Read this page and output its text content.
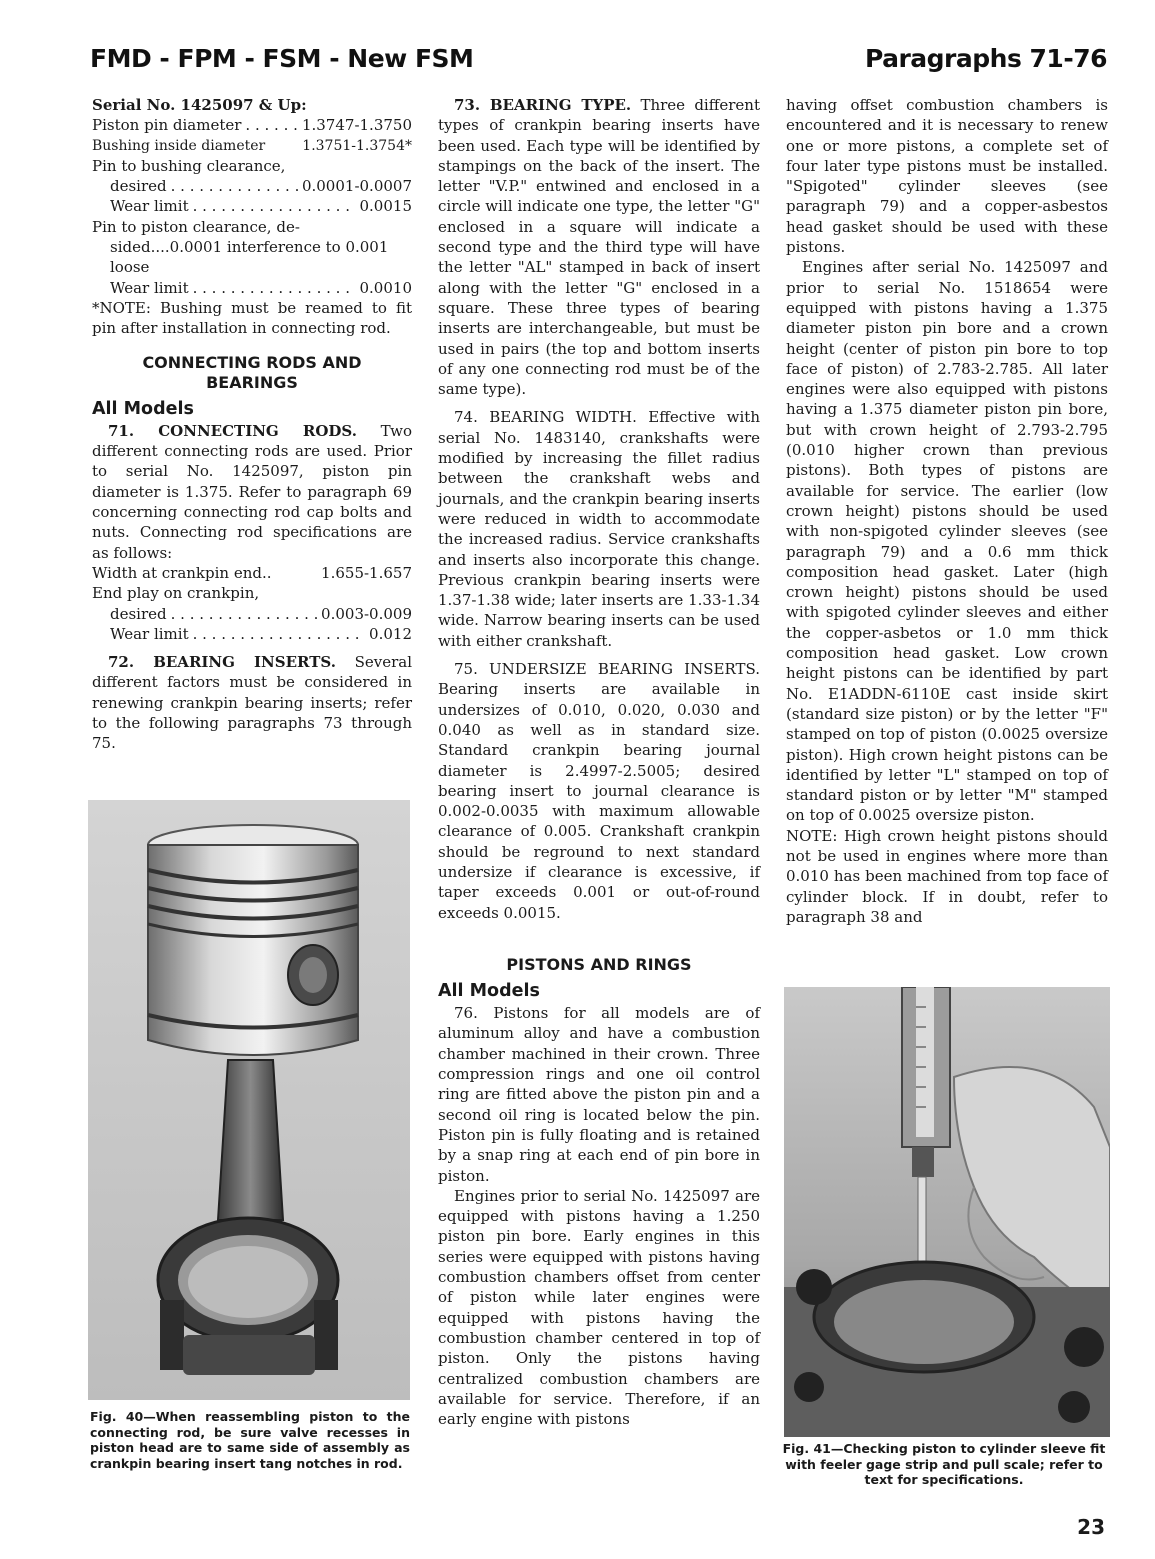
FMD - FPM - FSM - New FSM	Paragraphs 71-76

Serial No. 1425097 & Up:

Piston pin diameter . . .	1.3747-1.3750
Bushing inside diameter	1.3751-1.3754*

Pin to bushing clearance,

desired . . .	0.0001-0.0007
Wear limit . . .	0.0015

Pin to piston clearance, de-

sided....0.0001 interference to 0.001

loose

Wear limit . . .	0.0010

*NOTE: Bushing must be reamed to fit pin after installation in connecting rod.

CONNECTING RODS AND BEARINGS
All Models

71. CONNECTING RODS. Two different connecting rods are used. Prior to serial No. 1425097, piston pin diameter is 1.375. Refer to paragraph 69 concerning connecting rod cap bolts and nuts. Connecting rod specifications are as follows:

Width at crankpin end..	1.655-1.657

End play on crankpin,

desired . . .	0.003-0.009
Wear limit . . .	0.012

72. BEARING INSERTS. Several different factors must be considered in renewing crankpin bearing inserts; refer to the following paragraphs 73 through 75.

Fig. 40—When reassembling piston to the connecting rod, be sure valve recesses in piston head are to same side of assembly as crankpin bearing insert tang notches in rod.

73. BEARING TYPE. Three different types of crankpin bearing inserts have been used. Each type will be identified by stampings on the back of the insert. The letter "V.P." entwined and enclosed in a circle will indicate one type, the letter "G" enclosed in a square will indicate a second type and the third type will have the letter "AL" stamped in back of insert along with the letter "G" enclosed in a square. These three types of bearing inserts are interchangeable, but must be used in pairs (the top and bottom inserts of any one connecting rod must be of the same type).

74. BEARING WIDTH. Effective with serial No. 1483140, crankshafts were modified by increasing the fillet radius between the crankshaft webs and journals, and the crankpin bearing inserts were reduced in width to accommodate the increased radius. Service crankshafts and inserts also incorporate this change. Previous crankpin bearing inserts were 1.37-1.38 wide; later inserts are 1.33-1.34 wide. Narrow bearing inserts can be used with either crankshaft.

75. UNDERSIZE BEARING INSERTS. Bearing inserts are available in undersizes of 0.010, 0.020, 0.030 and 0.040 as well as in standard size. Standard crankpin bearing journal diameter is 2.4997-2.5005; desired bearing insert to journal clearance is 0.002-0.0035 with maximum allowable clearance of 0.005. Crankshaft crankpin should be reground to next standard undersize if clearance is excessive, if taper exceeds 0.001 or out-of-round exceeds 0.0015.

PISTONS AND RINGS
All Models

76. Pistons for all models are of aluminum alloy and have a combustion chamber machined in their crown. Three compression rings and one oil control ring are fitted above the piston pin and a second oil ring is located below the pin. Piston pin is fully floating and is retained by a snap ring at each end of pin bore in piston.

Engines prior to serial No. 1425097 are equipped with pistons having a 1.250 piston pin bore. Early engines in this series were equipped with pistons having combustion chambers offset from center of piston while later engines were equipped with pistons having the combustion chamber centered in top of piston. Only the pistons having centralized combustion chambers are available for service. Therefore, if an early engine with pistons

having offset combustion chambers is encountered and it is necessary to renew one or more pistons, a complete set of four later type pistons must be installed. "Spigoted" cylinder sleeves (see paragraph 79) and a copper-asbestos head gasket should be used with these pistons.

Engines after serial No. 1425097 and prior to serial No. 1518654 were equipped with pistons having a 1.375 diameter piston pin bore and a crown height (center of piston pin bore to top face of piston) of 2.783-2.785. All later engines were also equipped with pistons having a 1.375 diameter piston pin bore, but with crown height of 2.793-2.795 (0.010 higher crown than previous pistons). Both types of pistons are available for service. The earlier (low crown height) pistons should be used with non-spigoted cylinder sleeves (see paragraph 79) and a 0.6 mm thick composition head gasket. Later (high crown height) pistons should be used with spigoted cylinder sleeves and either the copper-asbetos or 1.0 mm thick composition head gasket. Low crown height pistons can be identified by part No. E1ADDN-6110E cast inside skirt (standard size piston) or by the letter "F" stamped on top of piston (0.0025 oversize piston). High crown height pistons can be identified by letter "L" stamped on top of standard piston or by letter "M" stamped on top of 0.0025 oversize piston.

NOTE: High crown height pistons should not be used in engines where more than 0.010 has been machined from top face of cylinder block. If in doubt, refer to paragraph 38 and

Fig. 41—Checking piston to cylinder sleeve fit with feeler gage strip and pull scale; refer to text for specifications.
23
